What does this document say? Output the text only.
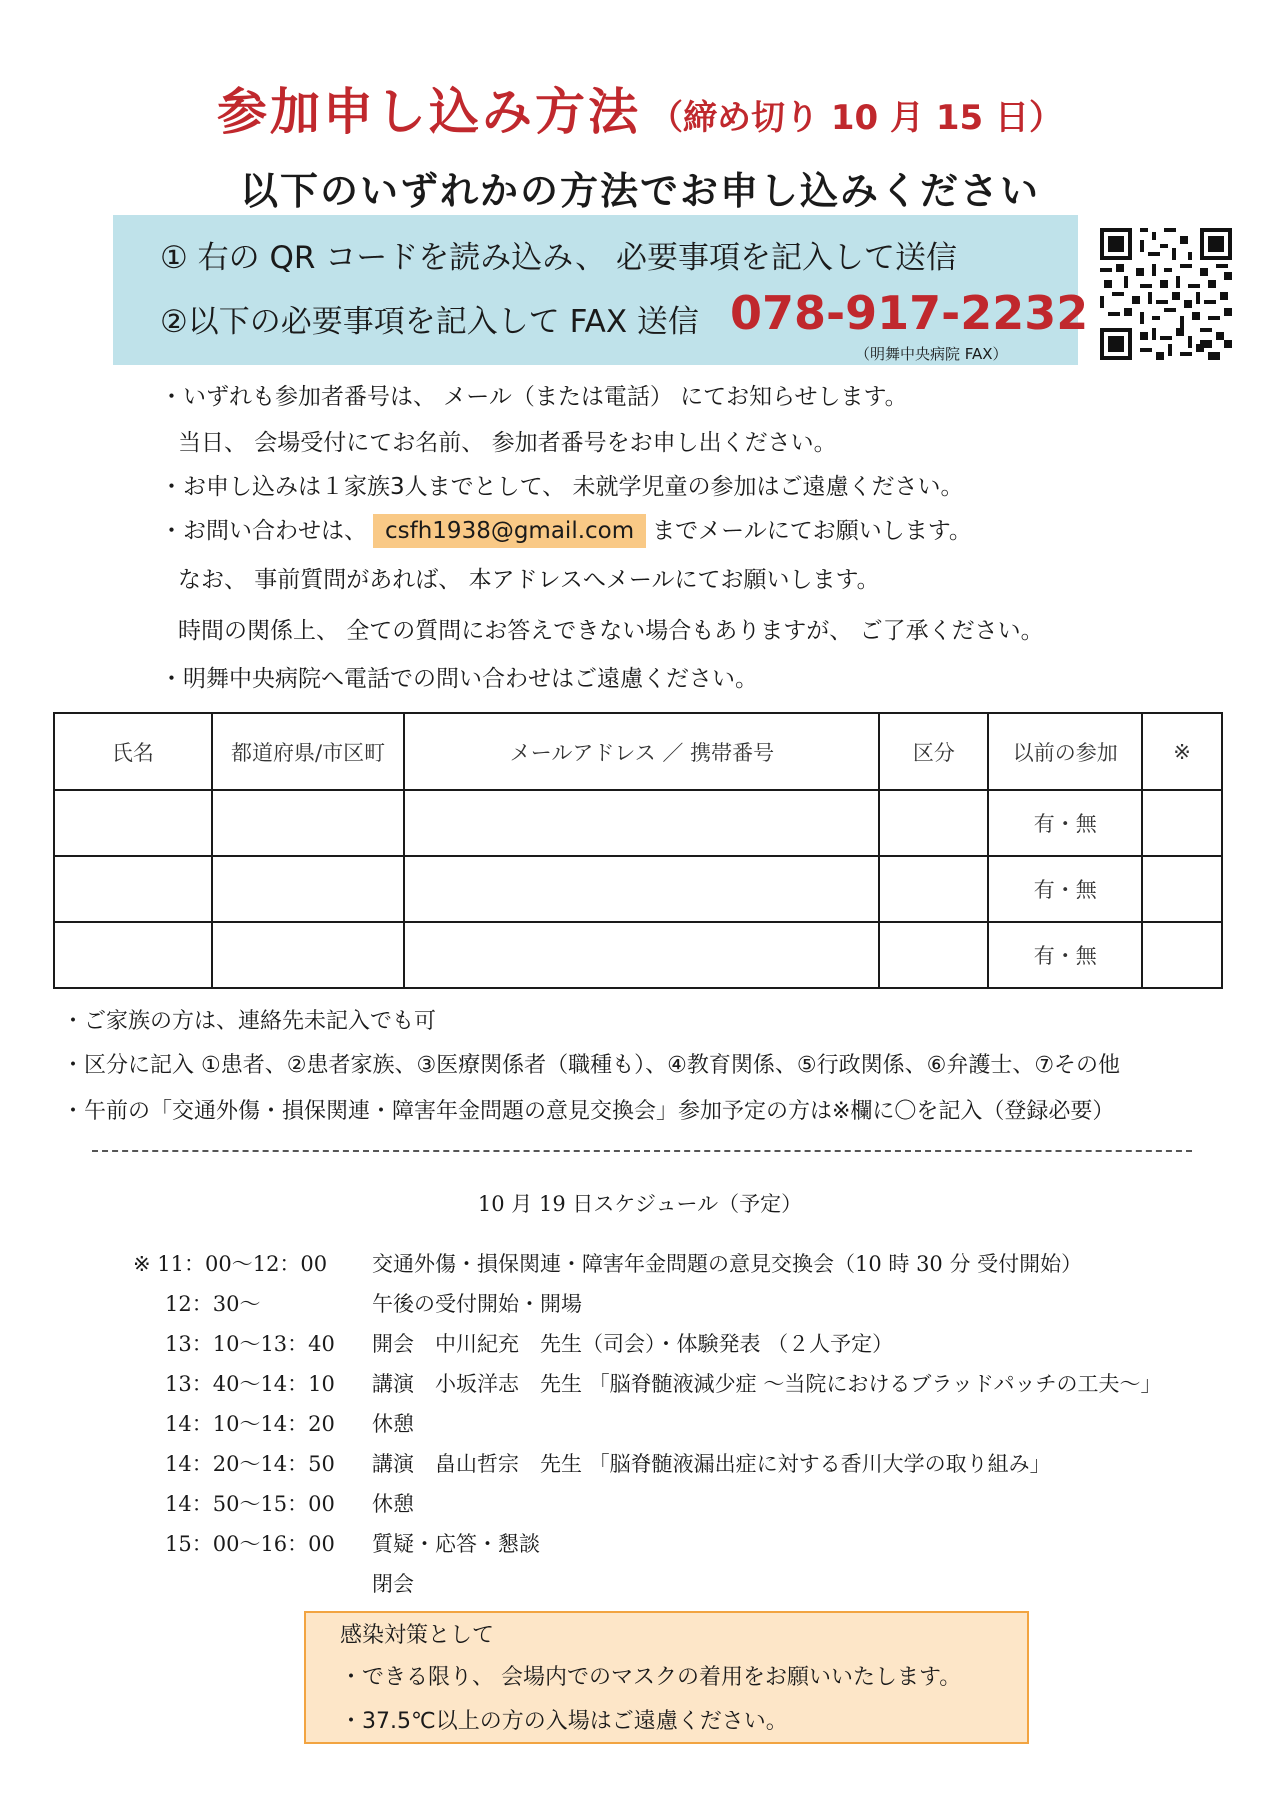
参加申し込み方法 （締め切り 10 月 15 日）
以下のいずれかの方法でお申し込みください
① 右の QR コードを読み込み、 必要事項を記入して送信
②以下の必要事項を記入して FAX 送信 078-917-2232
（明舞中央病院 FAX）
・いずれも参加者番号は、 メール（または電話） にてお知らせします。
当日、 会場受付にてお名前、 参加者番号をお申し出ください。
・お申し込みは１家族3人までとして、 未就学児童の参加はご遠慮ください。
・お問い合わせは、 csfh1938@gmail.com までメールにてお願いします。
なお、 事前質問があれば、 本アドレスへメールにてお願いします。
時間の関係上、 全ての質問にお答えできない場合もありますが、 ご了承ください。
・明舞中央病院へ電話での問い合わせはご遠慮ください。
氏名	都道府県/市区町	メールアドレス ／ 携帯番号	区分	以前の参加	※
				有・無	
				有・無	
				有・無	
・ご家族の方は、連絡先未記入でも可
・区分に記入 ①患者、②患者家族、③医療関係者（職種も）、④教育関係、⑤行政関係、⑥弁護士、⑦その他
・午前の「交通外傷・損保関連・障害年金問題の意見交換会」参加予定の方は※欄に〇を記入（登録必要）
10 月 19 日スケジュール（予定）
※ 11：00〜12：00	交通外傷・損保関連・障害年金問題の意見交換会（10 時 30 分 受付開始）
12：30〜	午後の受付開始・開場
13：10〜13：40	開会　中川紀充　先生（司会）・体験発表 （２人予定）
13：40〜14：10	講演　小坂洋志　先生 「脳脊髄液減少症 〜当院におけるブラッドパッチの工夫〜」
14：10〜14：20	休憩
14：20〜14：50	講演　畠山哲宗　先生 「脳脊髄液漏出症に対する香川大学の取り組み」
14：50〜15：00	休憩
15：00〜16：00	質疑・応答・懇談
閉会
感染対策として
・できる限り、 会場内でのマスクの着用をお願いいたします。
・37.5℃以上の方の入場はご遠慮ください。
